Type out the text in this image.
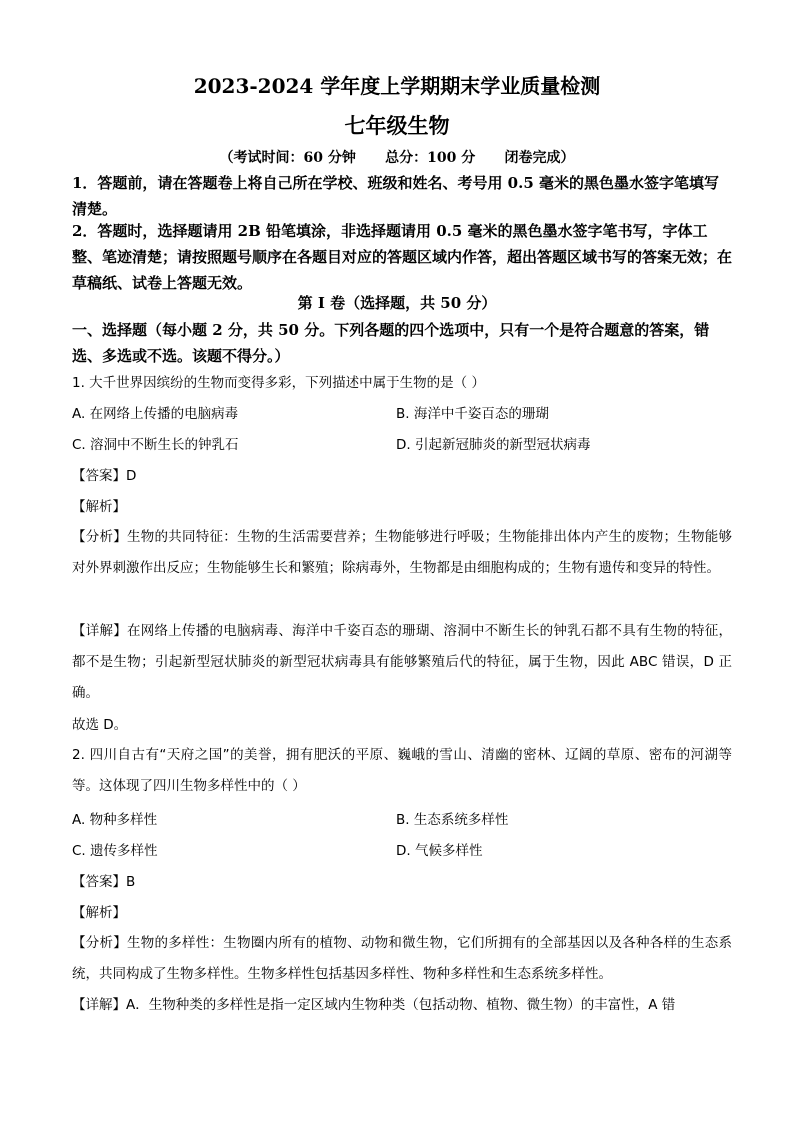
2023-2024 学年度上学期期末学业质量检测
七年级生物
（考试时间：60 分钟      总分：100 分      闭卷完成）
1．答题前，请在答题卷上将自己所在学校、班级和姓名、考号用 0.5 毫米的黑色墨水签字笔填写清楚。
2．答题时，选择题请用 2B 铅笔填涂，非选择题请用 0.5 毫米的黑色墨水签字笔书写，字体工整、笔迹清楚；请按照题号顺序在各题目对应的答题区域内作答，超出答题区域书写的答案无效；在草稿纸、试卷上答题无效。
第 I 卷（选择题，共 50 分）
一、选择题（每小题 2 分，共 50 分。下列各题的四个选项中，只有一个是符合题意的答案，错选、多选或不选。该题不得分。）
1. 大千世界因缤纷的生物而变得多彩，下列描述中属于生物的是（ ）
A. 在网络上传播的电脑病毒	B. 海洋中千姿百态的珊瑚
C. 溶洞中不断生长的钟乳石	D. 引起新冠肺炎的新型冠状病毒
【答案】D
【解析】
【分析】生物的共同特征：生物的生活需要营养；生物能够进行呼吸；生物能排出体内产生的废物；生物能够对外界刺激作出反应；生物能够生长和繁殖；除病毒外，生物都是由细胞构成的；生物有遗传和变异的特性。
【详解】在网络上传播的电脑病毒、海洋中千姿百态的珊瑚、溶洞中不断生长的钟乳石都不具有生物的特征，都不是生物；引起新型冠状肺炎的新型冠状病毒具有能够繁殖后代的特征，属于生物，因此 ABC 错误，D 正确。
故选 D。
2. 四川自古有“天府之国”的美誉，拥有肥沃的平原、巍峨的雪山、清幽的密林、辽阔的草原、密布的河湖等等。这体现了四川生物多样性中的（ ）
A. 物种多样性	B. 生态系统多样性
C. 遗传多样性	D. 气候多样性
【答案】B
【解析】
【分析】生物的多样性：生物圈内所有的植物、动物和微生物，它们所拥有的全部基因以及各种各样的生态系统，共同构成了生物多样性。生物多样性包括基因多样性、物种多样性和生态系统多样性。
【详解】A．生物种类的多样性是指一定区域内生物种类（包括动物、植物、微生物）的丰富性，A 错
